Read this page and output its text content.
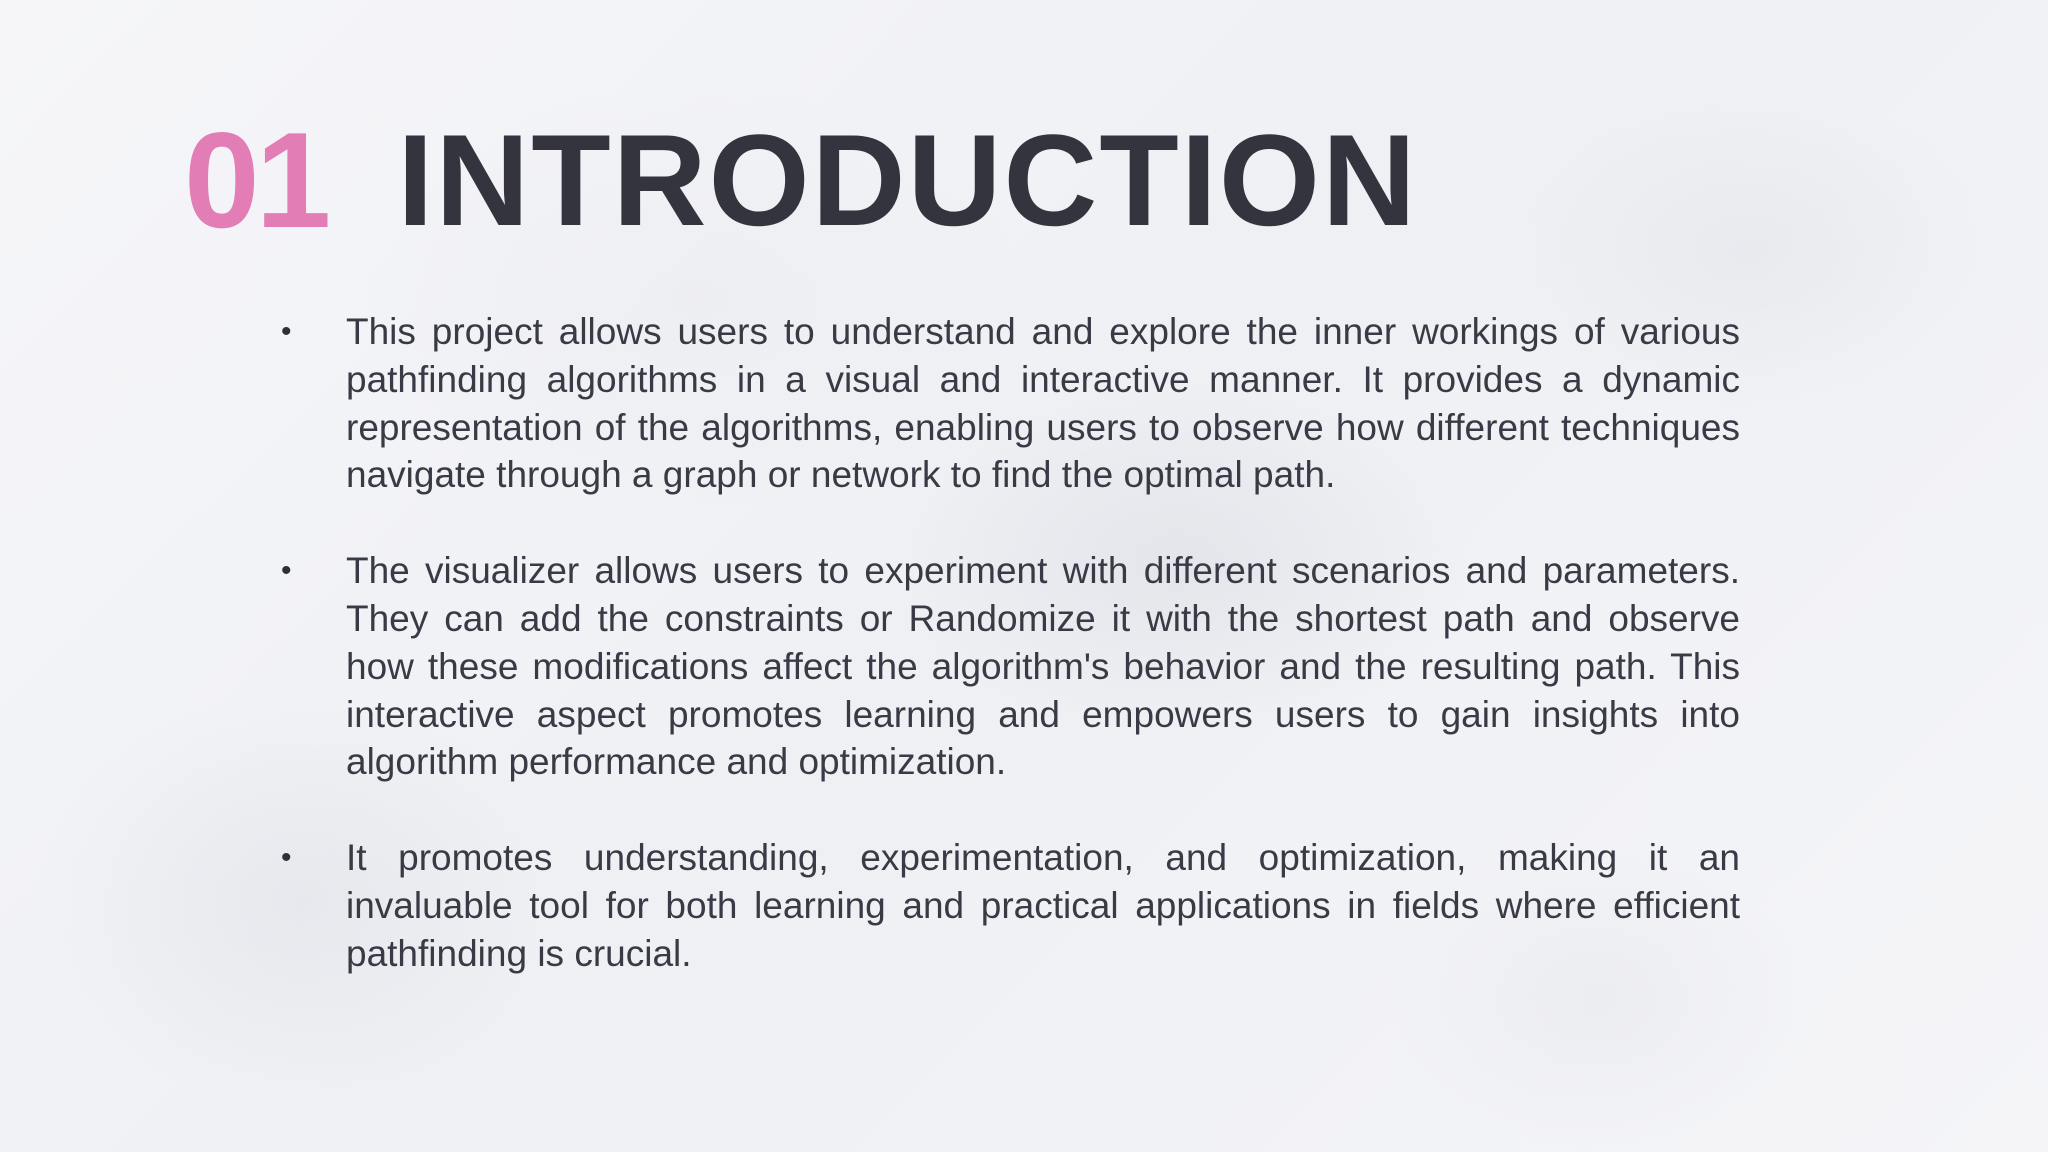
01 INTRODUCTION
•	This project allows users to understand and explore the inner workings of various pathfinding algorithms in a visual and interactive manner. It provides a dynamic representation of the algorithms, enabling users to observe how different techniques navigate through a graph or network to find the optimal path.
•	The visualizer allows users to experiment with different scenarios and parameters. They can add the constraints or Randomize it with the shortest path and observe how these modifications affect the algorithm's behavior and the resulting path. This interactive aspect promotes learning and empowers users to gain insights into algorithm performance and optimization.
•	It promotes understanding, experimentation, and optimization, making it an invaluable tool for both learning and practical applications in fields where efficient pathfinding is crucial.
